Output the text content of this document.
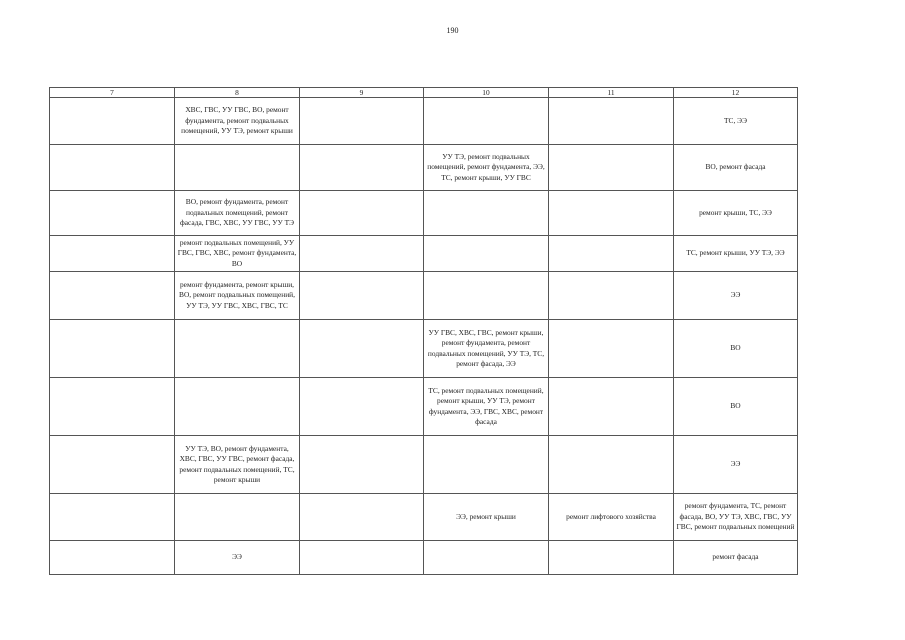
190
7	8	9	10	11	12
	ХВС, ГВС, УУ ГВС, ВО, ремонт фундамента, ремонт подвальных помещений, УУ ТЭ, ремонт крыши				ТС, ЭЭ
			УУ ТЭ, ремонт подвальных помещений, ремонт фундамента, ЭЭ, ТС, ремонт крыши, УУ ГВС		ВО, ремонт фасада
	ВО, ремонт фундамента, ремонт подвальных помещений, ремонт фасада, ГВС, ХВС, УУ ГВС, УУ ТЭ				ремонт крыши, ТС, ЭЭ
	ремонт подвальных помещений, УУ ГВС, ГВС, ХВС, ремонт фундамента, ВО				ТС, ремонт крыши, УУ ТЭ, ЭЭ
	ремонт фундамента, ремонт крыши, ВО, ремонт подвальных помещений, УУ ТЭ, УУ ГВС, ХВС, ГВС, ТС				ЭЭ
			УУ ГВС, ХВС, ГВС, ремонт крыши, ремонт фундамента, ремонт подвальных помещений, УУ ТЭ, ТС, ремонт фасада, ЭЭ		ВО
			ТС, ремонт подвальных помещений, ремонт крыши, УУ ТЭ, ремонт фундамента, ЭЭ, ГВС, ХВС, ремонт фасада		ВО
	УУ ТЭ, ВО, ремонт фундамента, ХВС, ГВС, УУ ГВС, ремонт фасада, ремонт подвальных помещений, ТС, ремонт крыши				ЭЭ
			ЭЭ, ремонт крыши	ремонт лифтового хозяйства	ремонт фундамента, ТС, ремонт фасада, ВО, УУ ТЭ, ХВС, ГВС, УУ ГВС, ремонт подвальных помещений
	ЭЭ				ремонт фасада
